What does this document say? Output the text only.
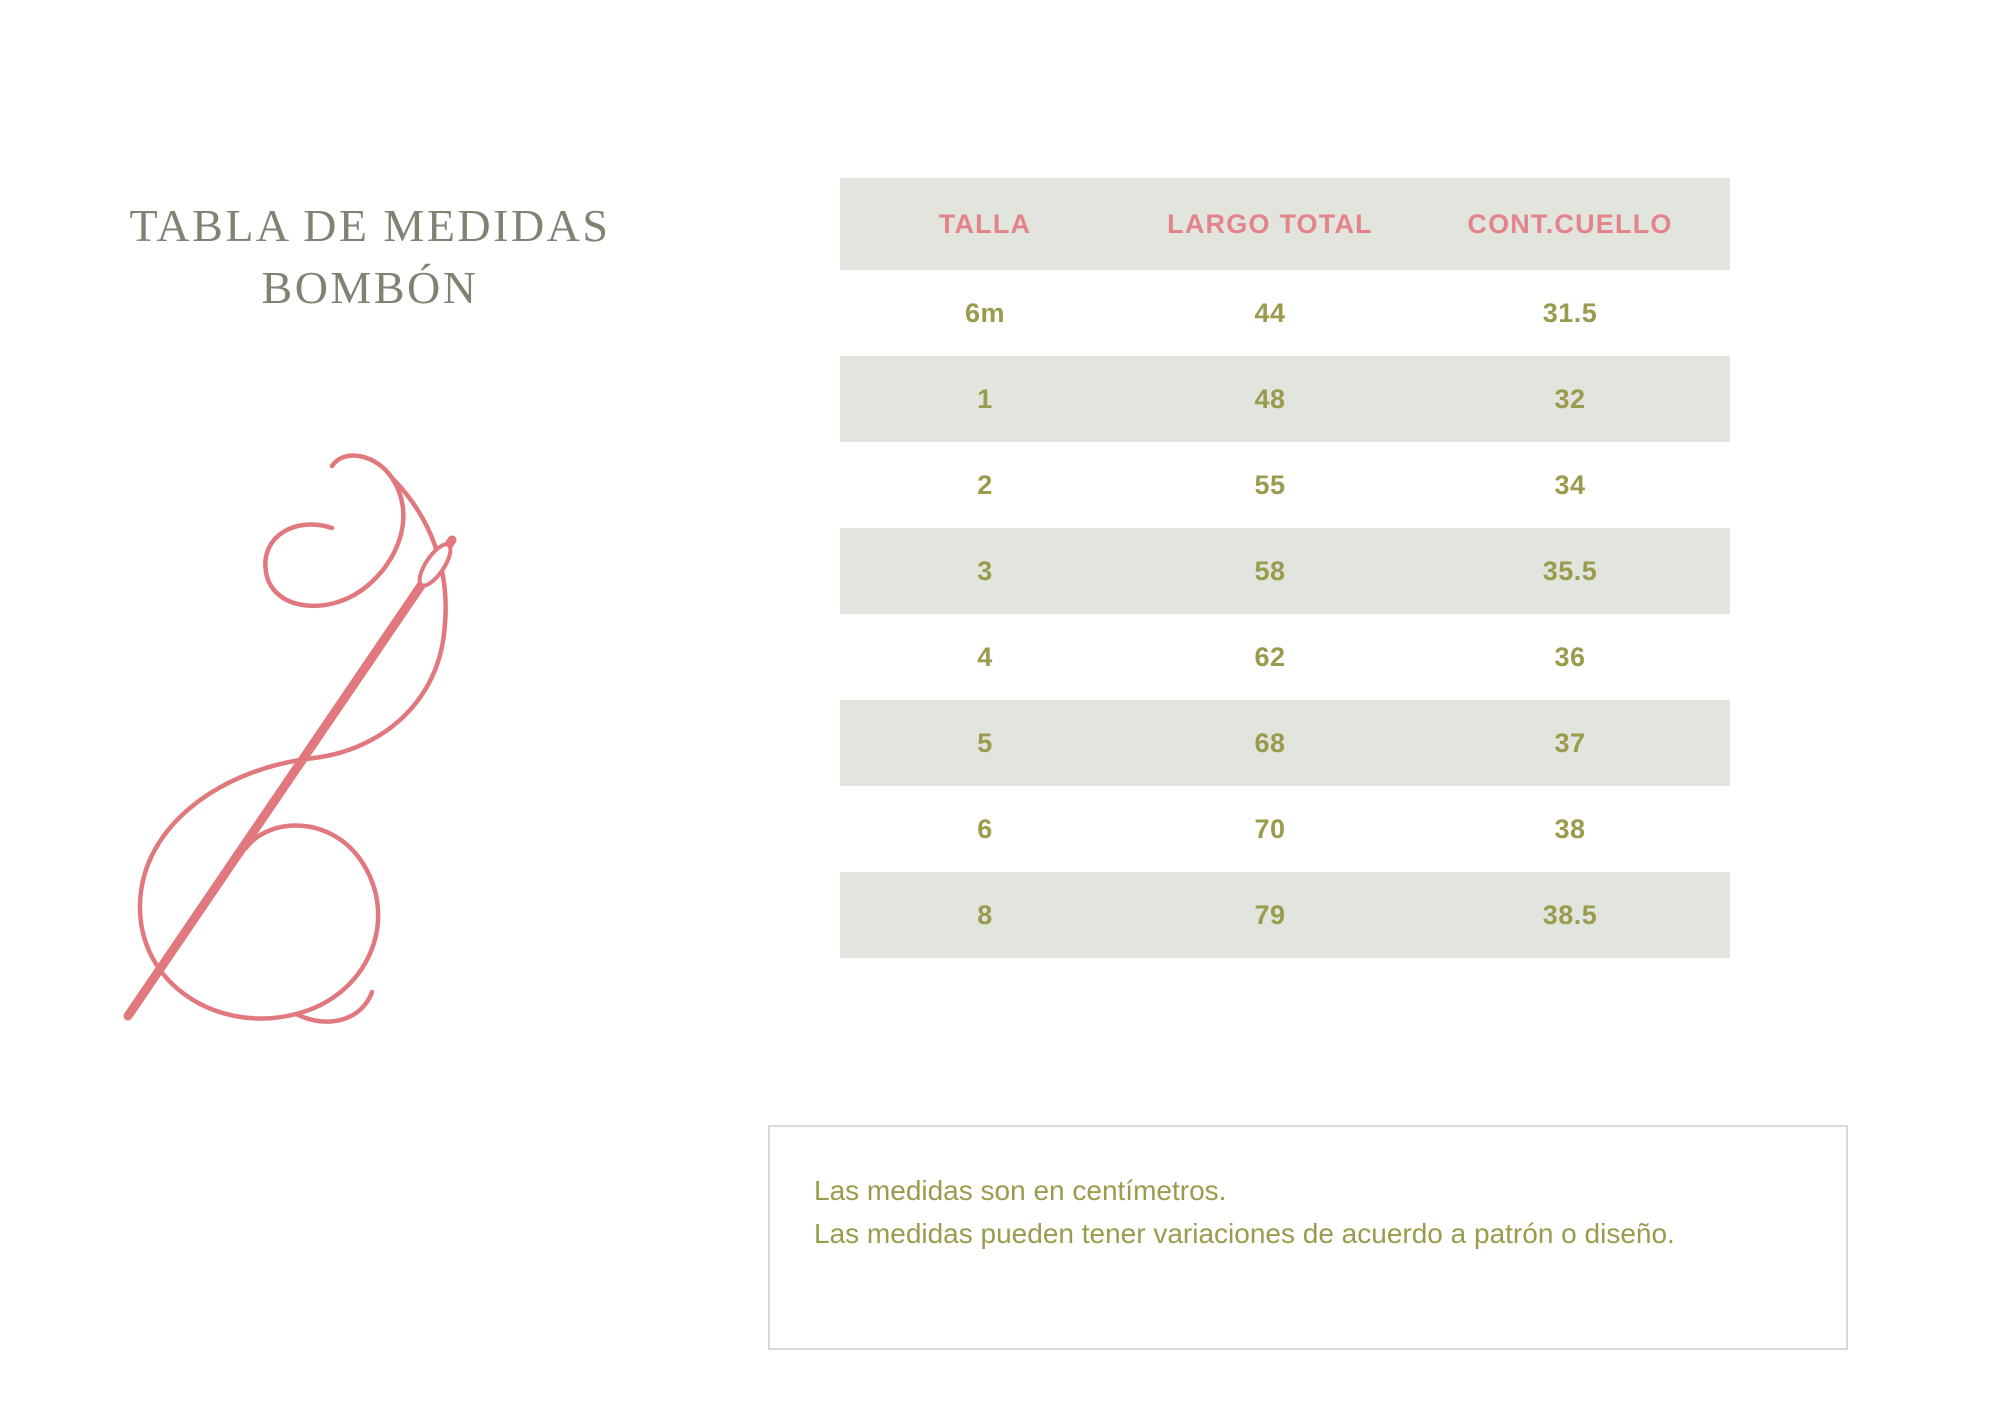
TABLA DE MEDIDAS
BOMBÓN
TALLA	LARGO TOTAL	CONT.CUELLO
6m	44	31.5
1	48	32
2	55	34
3	58	35.5
4	62	36
5	68	37
6	70	38
8	79	38.5

Las medidas son en centímetros.

Las medidas pueden tener variaciones de acuerdo a patrón o diseño.
